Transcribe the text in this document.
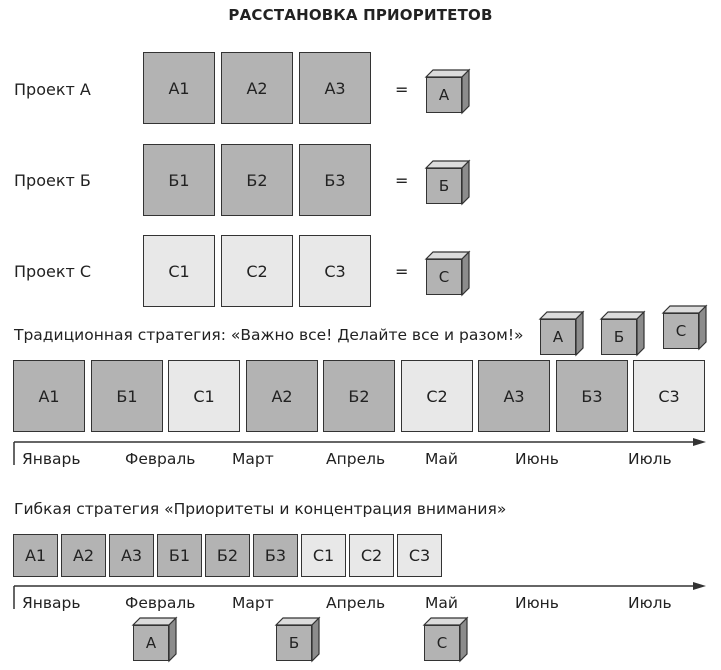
РАССТАНОВКА ПРИОРИТЕТОВ
Проект А	А1	А2	А3	=	А
Проект Б	Б1	Б2	Б3	=	Б
Проект С	С1	С2	С3	=	С
Традиционная стратегия: «Важно все! Делайте все и разом!»	А	Б	С
А1	Б1	С1	А2	Б2	С2	А3	Б3	С3
Январь	Февраль Март	Апрель	Май	Июнь	Июль
Гибкая стратегия «Приоритеты и концентрация внимания»
А1	А2	А3	Б1	Б2	Б3	С1	С2	С3
Январь	Февраль Март	Апрель	Май	Июнь	Июль
А	Б	С
